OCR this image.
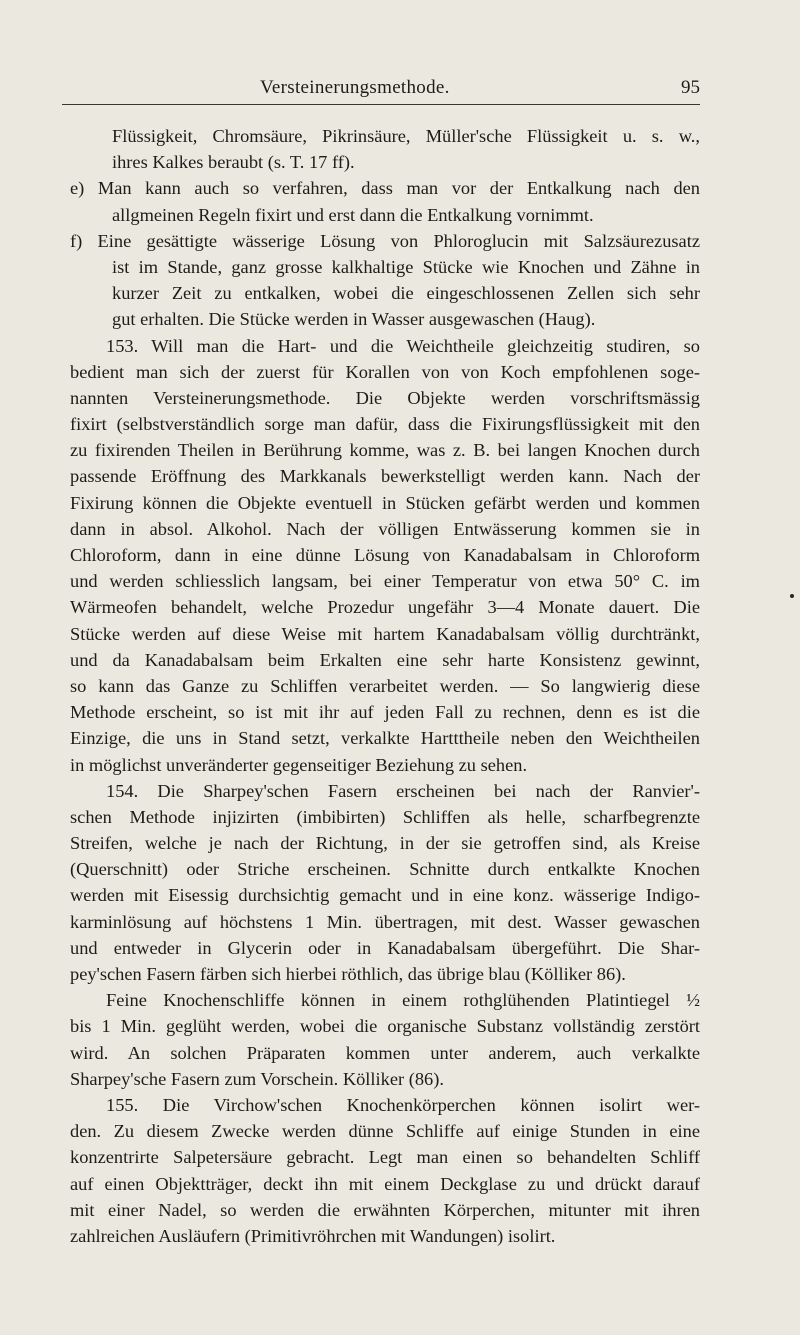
Versteinerungsmethode.	95
Flüssigkeit, Chromsäure, Pikrinsäure, Müller'sche Flüssigkeit u. s. w.,
ihres Kalkes beraubt (s. T. 17 ff).
e) Man kann auch so verfahren, dass man vor der Entkalkung nach den
allgmeinen Regeln fixirt und erst dann die Entkalkung vornimmt.
f) Eine gesättigte wässerige Lösung von Phloroglucin mit Salzsäurezusatz
ist im Stande, ganz grosse kalkhaltige Stücke wie Knochen und Zähne in
kurzer Zeit zu entkalken, wobei die eingeschlossenen Zellen sich sehr
gut erhalten. Die Stücke werden in Wasser ausgewaschen (Haug).
153. Will man die Hart- und die Weichtheile gleichzeitig studiren, so
bedient man sich der zuerst für Korallen von von Koch empfohlenen soge-
nannten Versteinerungsmethode. Die Objekte werden vorschriftsmässig
fixirt (selbstverständlich sorge man dafür, dass die Fixirungsflüssigkeit mit den
zu fixirenden Theilen in Berührung komme, was z. B. bei langen Knochen durch
passende Eröffnung des Markkanals bewerkstelligt werden kann. Nach der
Fixirung können die Objekte eventuell in Stücken gefärbt werden und kommen
dann in absol. Alkohol. Nach der völligen Entwässerung kommen sie in
Chloroform, dann in eine dünne Lösung von Kanadabalsam in Chloroform
und werden schliesslich langsam, bei einer Temperatur von etwa 50° C. im
Wärmeofen behandelt, welche Prozedur ungefähr 3—4 Monate dauert. Die
Stücke werden auf diese Weise mit hartem Kanadabalsam völlig durchtränkt,
und da Kanadabalsam beim Erkalten eine sehr harte Konsistenz gewinnt,
so kann das Ganze zu Schliffen verarbeitet werden. — So langwierig diese
Methode erscheint, so ist mit ihr auf jeden Fall zu rechnen, denn es ist die
Einzige, die uns in Stand setzt, verkalkte Hartttheile neben den Weichtheilen
in möglichst unveränderter gegenseitiger Beziehung zu sehen.
154. Die Sharpey'schen Fasern erscheinen bei nach der Ranvier'-
schen Methode injizirten (imbibirten) Schliffen als helle, scharfbegrenzte
Streifen, welche je nach der Richtung, in der sie getroffen sind, als Kreise
(Querschnitt) oder Striche erscheinen. Schnitte durch entkalkte Knochen
werden mit Eisessig durchsichtig gemacht und in eine konz. wässerige Indigo-
karminlösung auf höchstens 1 Min. übertragen, mit dest. Wasser gewaschen
und entweder in Glycerin oder in Kanadabalsam übergeführt. Die Shar-
pey'schen Fasern färben sich hierbei röthlich, das übrige blau (Kölliker 86).
Feine Knochenschliffe können in einem rothglühenden Platintiegel ½
bis 1 Min. geglüht werden, wobei die organische Substanz vollständig zerstört
wird. An solchen Präparaten kommen unter anderem, auch verkalkte
Sharpey'sche Fasern zum Vorschein. Kölliker (86).
155. Die Virchow'schen Knochenkörperchen können isolirt wer-
den. Zu diesem Zwecke werden dünne Schliffe auf einige Stunden in eine
konzentrirte Salpetersäure gebracht. Legt man einen so behandelten Schliff
auf einen Objektträger, deckt ihn mit einem Deckglase zu und drückt darauf
mit einer Nadel, so werden die erwähnten Körperchen, mitunter mit ihren
zahlreichen Ausläufern (Primitivröhrchen mit Wandungen) isolirt.
